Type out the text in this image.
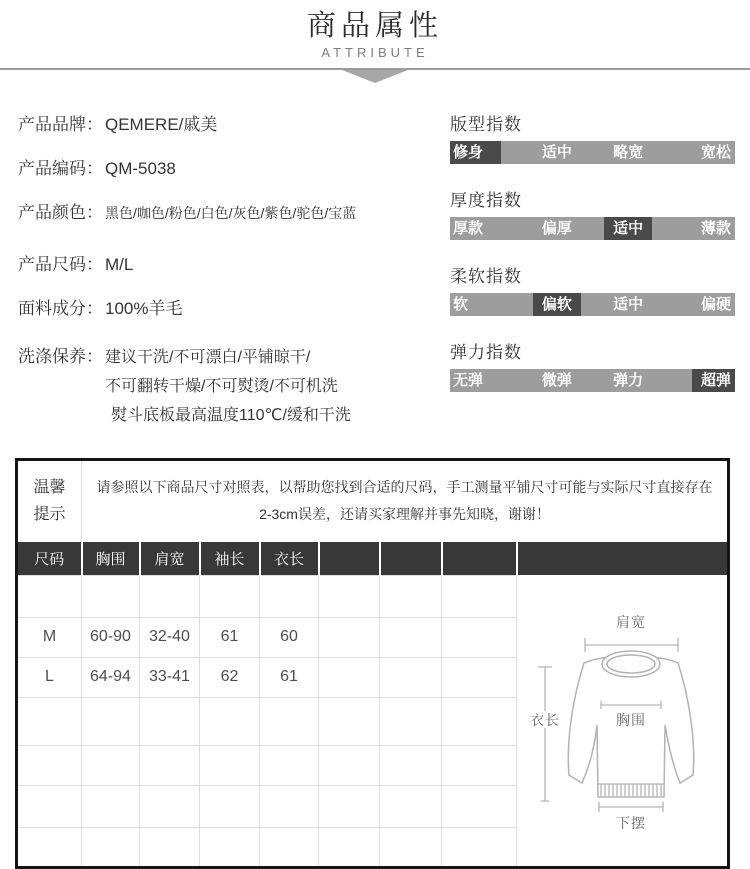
商品属性
ATTRIBUTE
产品品牌： QEMERE/戚美
产品编码： QM-5038
产品颜色： 黑色/咖色/粉色/白色/灰色/紫色/驼色/宝蓝
产品尺码： M/L
面料成分： 100%羊毛
洗涤保养： 建议干洗/不可漂白/平铺晾干/
不可翻转干燥/不可熨烫/不可机洗
熨斗底板最高温度110℃/缓和干洗
版型指数
修身	适中	略宽	宽松
厚度指数
厚款	偏厚	适中	薄款
柔软指数
软	偏软	适中	偏硬
弹力指数
无弹	微弹	弹力	超弹
温馨
提示	请参照以下商品尺寸对照表，以帮助您找到合适的尺码，手工测量平铺尺寸可能与实际尺寸直接存在2-3cm误差，还请买家理解并事先知晓，谢谢！							
尺码	胸围	肩宽	袖长	衣长				

肩宽
胸围
衣长
下摆

M	60-90	32-40	61	60				
L	64-94	33-41	62	61				
